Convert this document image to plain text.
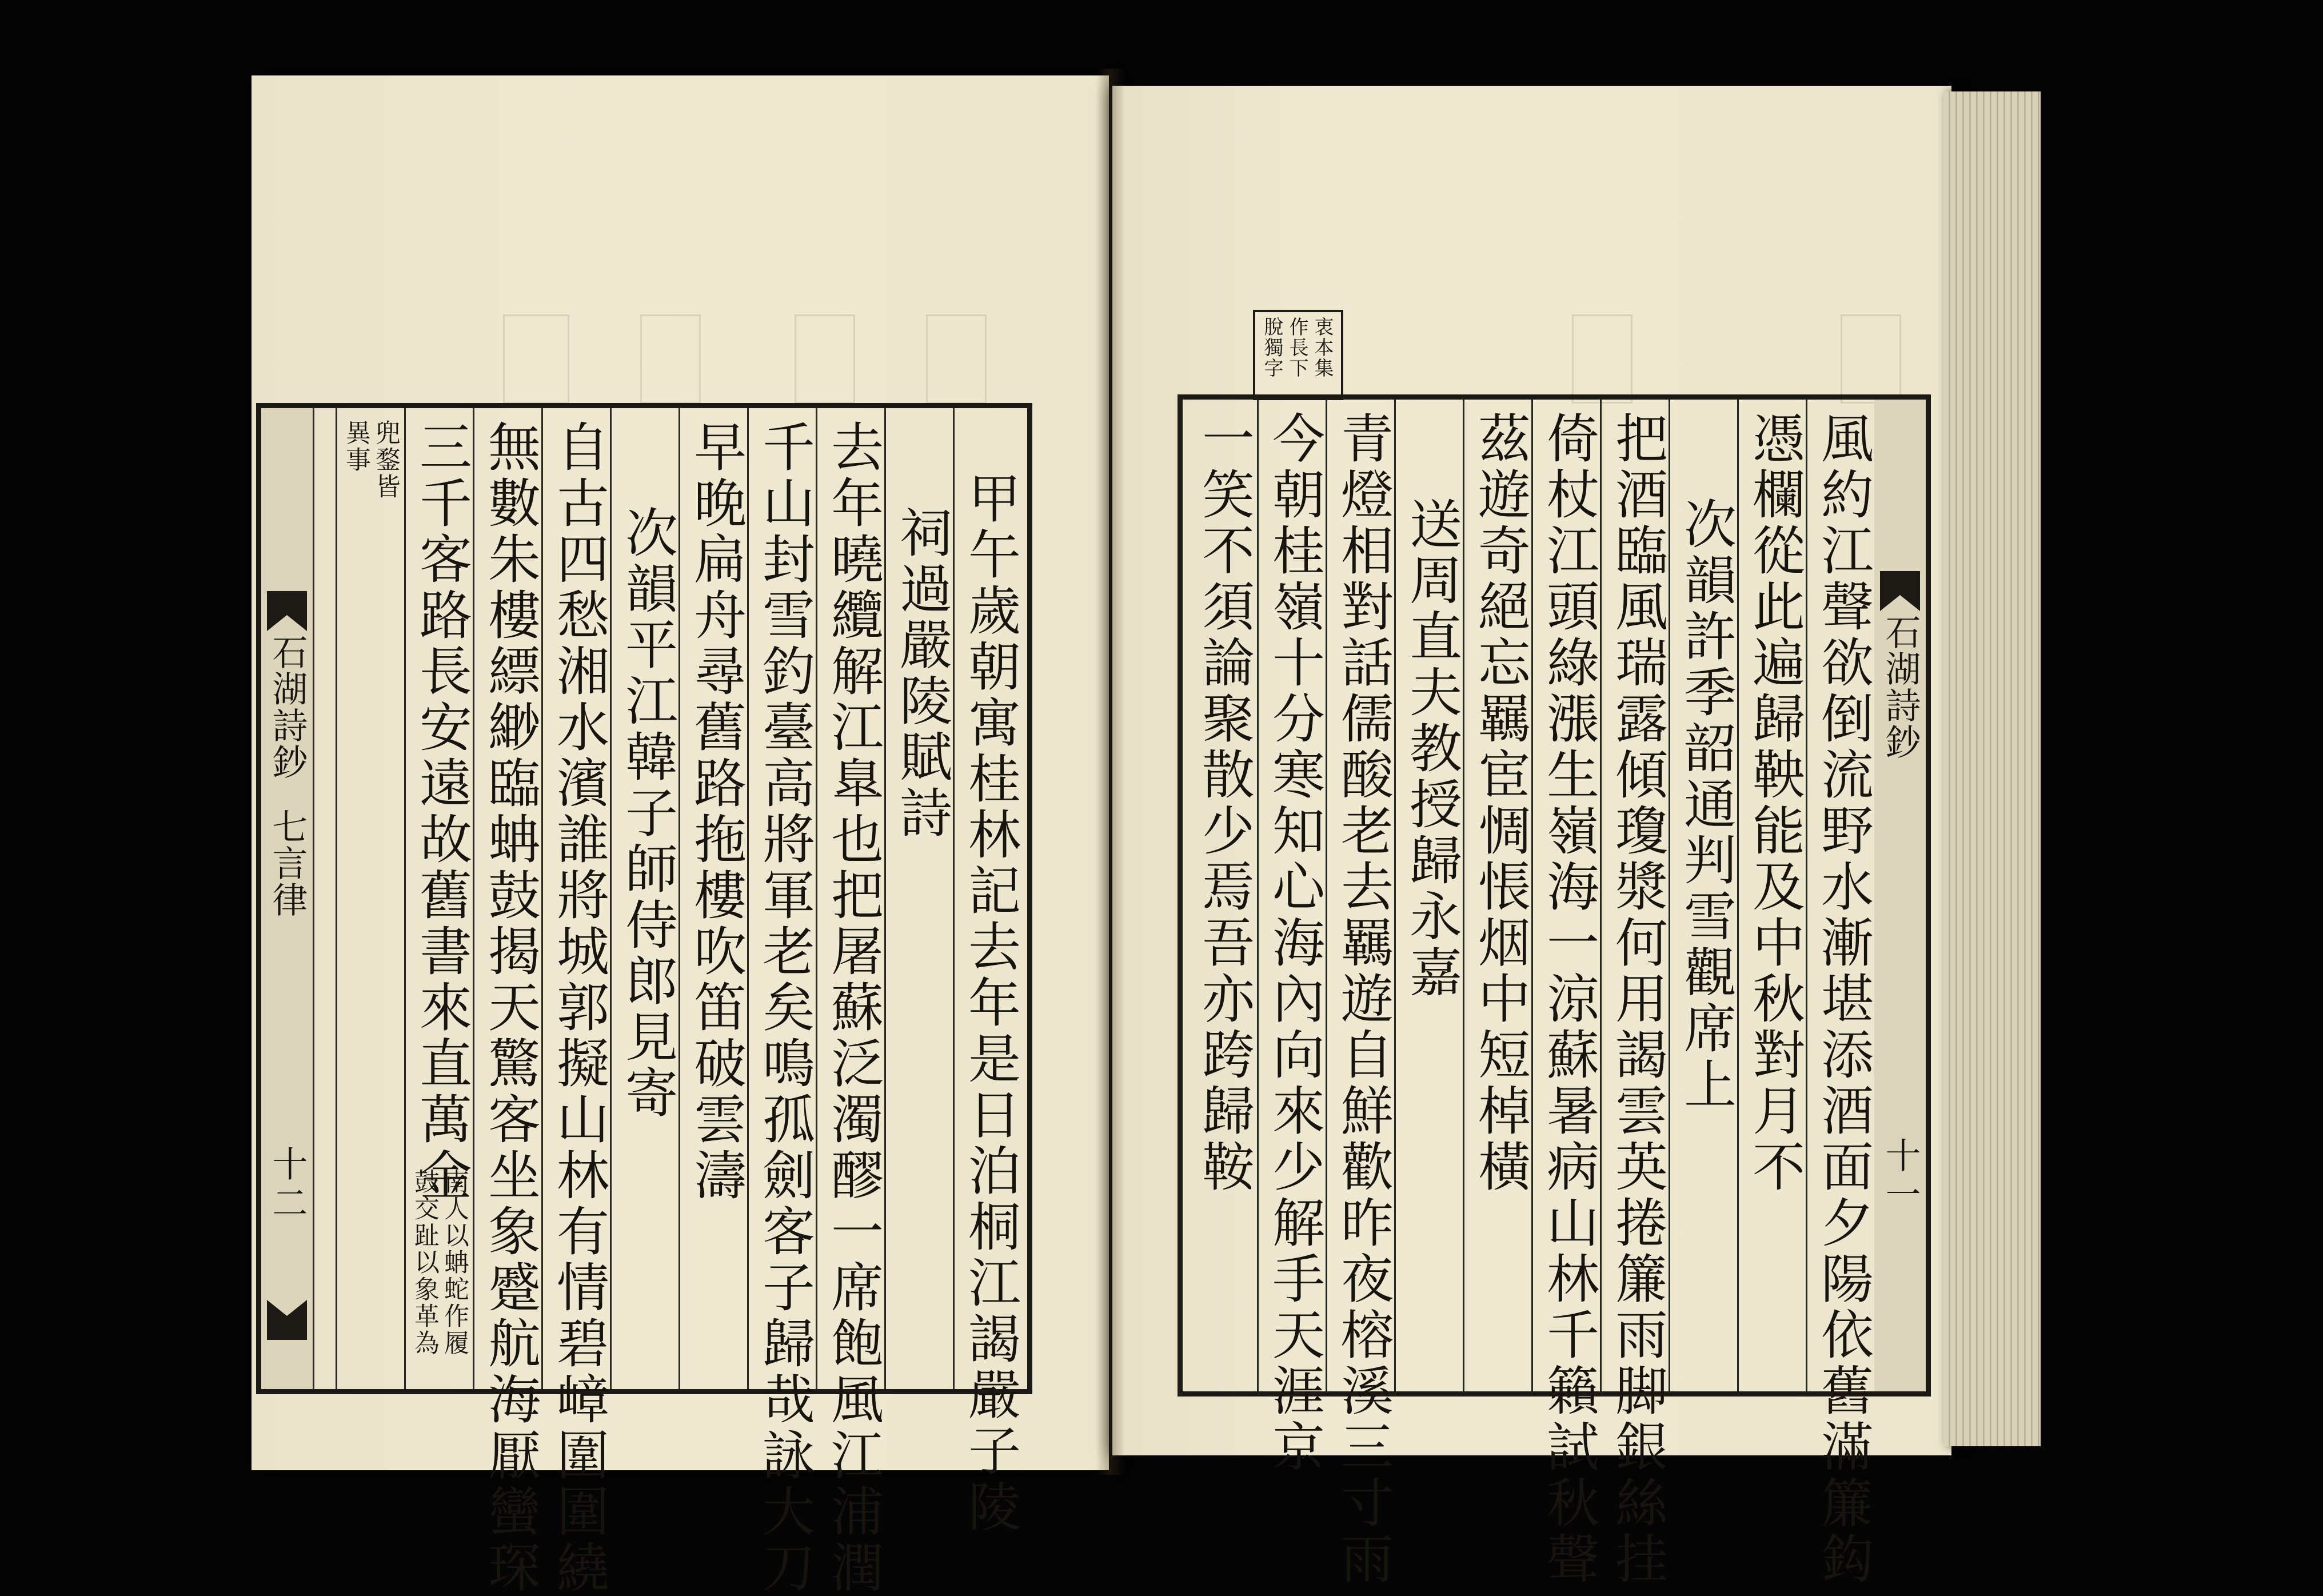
石湖詩鈔
七言律
十二	甲午歲朝寓桂林記去年是日泊桐江謁嚴子陵
祠過嚴陵賦詩
去年曉纜解江臯也把屠蘇泛濁醪一席飽風江浦潤
千山封雪釣臺高將軍老矣鳴孤劍客子歸哉詠大刀
早晚扁舟尋舊路拖樓吹笛破雲濤
次韻平江韓子師侍郎見寄
自古四愁湘水濱誰將城郭擬山林有情碧嶂圍圍繞
無數朱樓縹緲臨蚺鼓揭天驚客坐象蹙航海厭蠻琛
三千客路長安遠故舊書來直萬金
南人以蚺蛇作履
鼓交趾以象革為
兜鍪皆
異事
衷本集
作長下
脫獨字
石湖詩鈔
十一
風約江聲欲倒流野水漸堪添酒面夕陽依舊滿簾鈎
憑欄從此遍歸鞅能及中秋對月不
次韻許季韶通判雪觀席上
把酒臨風瑞露傾瓊漿何用謁雲英捲簾雨脚銀絲挂
倚杖江頭綠漲生嶺海一涼蘇暑病山林千籟試秋聲
茲遊奇絕忘羈宦惆悵烟中短棹橫
送周直夫教授歸永嘉
青燈相對話儒酸老去羈遊自鮮歡昨夜榕溪三寸雨
今朝桂嶺十分寒知心海內向來少解手天涯京
一笑不須論聚散少焉吾亦跨歸鞍
